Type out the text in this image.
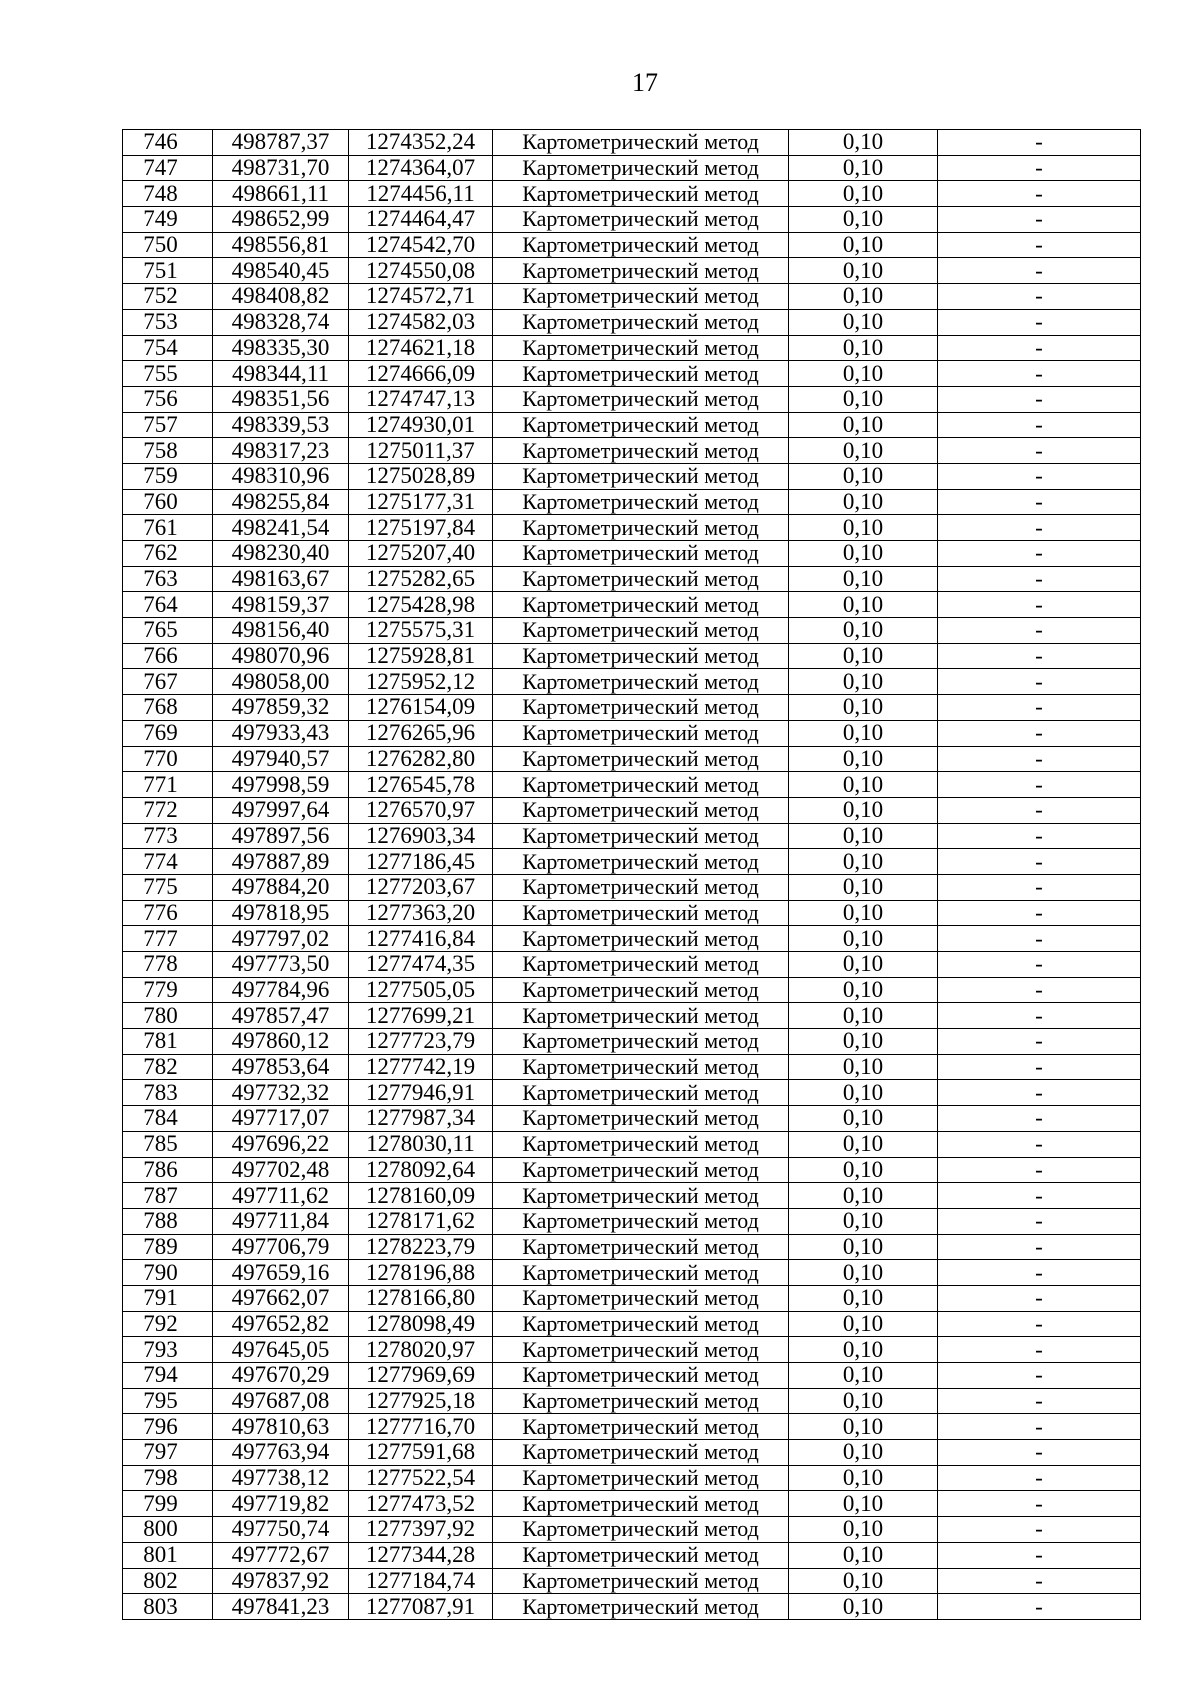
17
746	498787,37	1274352,24	Картометрический метод	0,10	-
747	498731,70	1274364,07	Картометрический метод	0,10	-
748	498661,11	1274456,11	Картометрический метод	0,10	-
749	498652,99	1274464,47	Картометрический метод	0,10	-
750	498556,81	1274542,70	Картометрический метод	0,10	-
751	498540,45	1274550,08	Картометрический метод	0,10	-
752	498408,82	1274572,71	Картометрический метод	0,10	-
753	498328,74	1274582,03	Картометрический метод	0,10	-
754	498335,30	1274621,18	Картометрический метод	0,10	-
755	498344,11	1274666,09	Картометрический метод	0,10	-
756	498351,56	1274747,13	Картометрический метод	0,10	-
757	498339,53	1274930,01	Картометрический метод	0,10	-
758	498317,23	1275011,37	Картометрический метод	0,10	-
759	498310,96	1275028,89	Картометрический метод	0,10	-
760	498255,84	1275177,31	Картометрический метод	0,10	-
761	498241,54	1275197,84	Картометрический метод	0,10	-
762	498230,40	1275207,40	Картометрический метод	0,10	-
763	498163,67	1275282,65	Картометрический метод	0,10	-
764	498159,37	1275428,98	Картометрический метод	0,10	-
765	498156,40	1275575,31	Картометрический метод	0,10	-
766	498070,96	1275928,81	Картометрический метод	0,10	-
767	498058,00	1275952,12	Картометрический метод	0,10	-
768	497859,32	1276154,09	Картометрический метод	0,10	-
769	497933,43	1276265,96	Картометрический метод	0,10	-
770	497940,57	1276282,80	Картометрический метод	0,10	-
771	497998,59	1276545,78	Картометрический метод	0,10	-
772	497997,64	1276570,97	Картометрический метод	0,10	-
773	497897,56	1276903,34	Картометрический метод	0,10	-
774	497887,89	1277186,45	Картометрический метод	0,10	-
775	497884,20	1277203,67	Картометрический метод	0,10	-
776	497818,95	1277363,20	Картометрический метод	0,10	-
777	497797,02	1277416,84	Картометрический метод	0,10	-
778	497773,50	1277474,35	Картометрический метод	0,10	-
779	497784,96	1277505,05	Картометрический метод	0,10	-
780	497857,47	1277699,21	Картометрический метод	0,10	-
781	497860,12	1277723,79	Картометрический метод	0,10	-
782	497853,64	1277742,19	Картометрический метод	0,10	-
783	497732,32	1277946,91	Картометрический метод	0,10	-
784	497717,07	1277987,34	Картометрический метод	0,10	-
785	497696,22	1278030,11	Картометрический метод	0,10	-
786	497702,48	1278092,64	Картометрический метод	0,10	-
787	497711,62	1278160,09	Картометрический метод	0,10	-
788	497711,84	1278171,62	Картометрический метод	0,10	-
789	497706,79	1278223,79	Картометрический метод	0,10	-
790	497659,16	1278196,88	Картометрический метод	0,10	-
791	497662,07	1278166,80	Картометрический метод	0,10	-
792	497652,82	1278098,49	Картометрический метод	0,10	-
793	497645,05	1278020,97	Картометрический метод	0,10	-
794	497670,29	1277969,69	Картометрический метод	0,10	-
795	497687,08	1277925,18	Картометрический метод	0,10	-
796	497810,63	1277716,70	Картометрический метод	0,10	-
797	497763,94	1277591,68	Картометрический метод	0,10	-
798	497738,12	1277522,54	Картометрический метод	0,10	-
799	497719,82	1277473,52	Картометрический метод	0,10	-
800	497750,74	1277397,92	Картометрический метод	0,10	-
801	497772,67	1277344,28	Картометрический метод	0,10	-
802	497837,92	1277184,74	Картометрический метод	0,10	-
803	497841,23	1277087,91	Картометрический метод	0,10	-
